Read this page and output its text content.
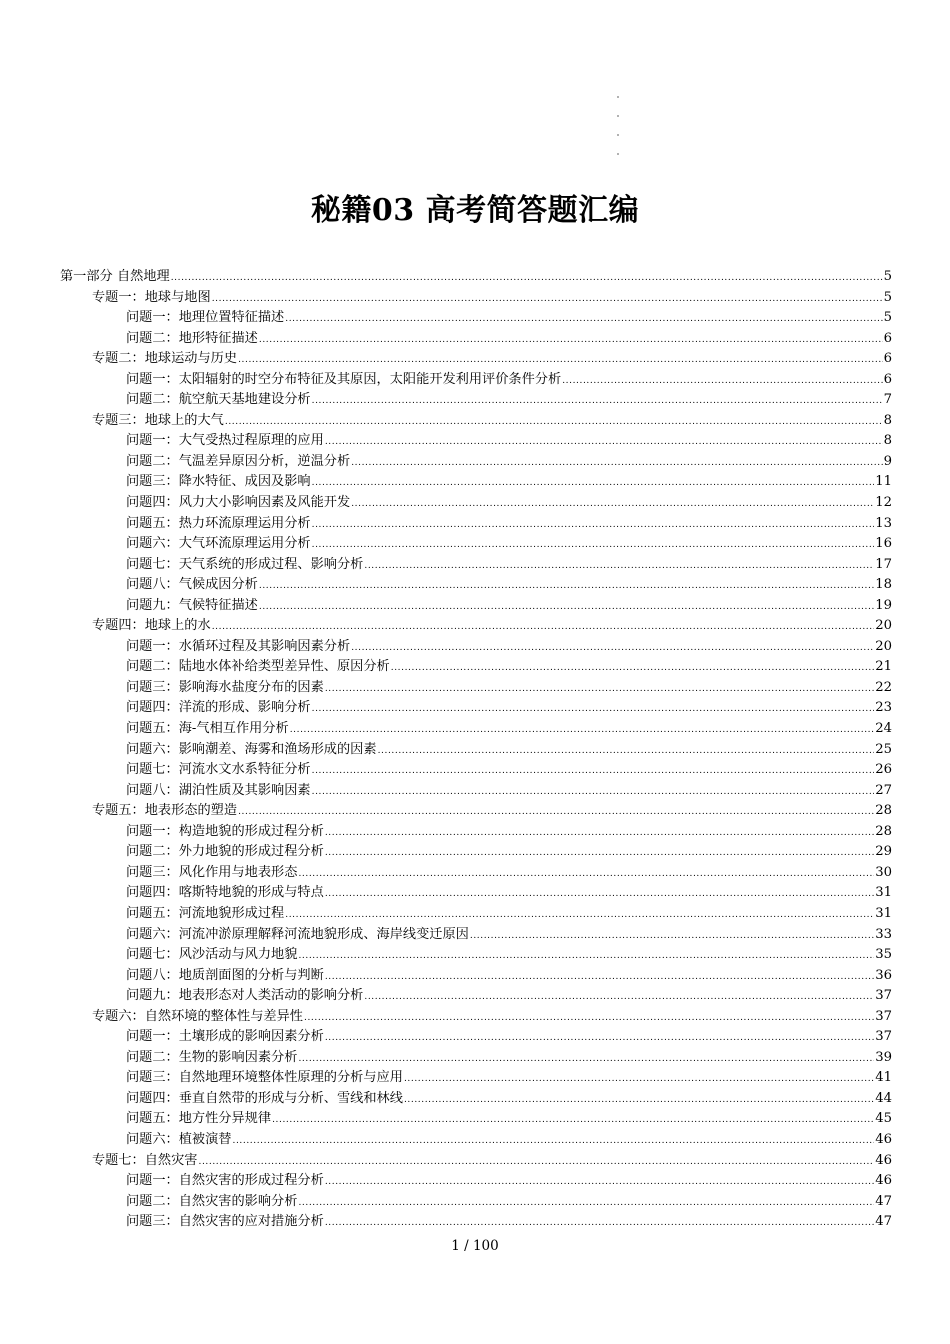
秘籍03 高考简答题汇编
第一部分 自然地理 .....	5
专题一：地球与地图 .....	5
问题一：地理位置特征描述 .....	5
问题二：地形特征描述 .....	6
专题二：地球运动与历史 .....	6
问题一：太阳辐射的时空分布特征及其原因，太阳能开发利用评价条件分析 .....	6
问题二：航空航天基地建设分析 .....	7
专题三：地球上的大气 .....	8
问题一：大气受热过程原理的应用 .....	8
问题二：气温差异原因分析，逆温分析 .....	9
问题三：降水特征、成因及影响 .....	11
问题四：风力大小影响因素及风能开发 .....	12
问题五：热力环流原理运用分析 .....	13
问题六：大气环流原理运用分析 .....	16
问题七：天气系统的形成过程、影响分析 .....	17
问题八：气候成因分析 .....	18
问题九：气候特征描述 .....	19
专题四：地球上的水 .....	20
问题一：水循环过程及其影响因素分析 .....	20
问题二：陆地水体补给类型差异性、原因分析 .....	21
问题三：影响海水盐度分布的因素 .....	22
问题四：洋流的形成、影响分析 .....	23
问题五：海-气相互作用分析 .....	24
问题六：影响潮差、海雾和渔场形成的因素 .....	25
问题七：河流水文水系特征分析 .....	26
问题八：湖泊性质及其影响因素 .....	27
专题五：地表形态的塑造 .....	28
问题一：构造地貌的形成过程分析 .....	28
问题二：外力地貌的形成过程分析 .....	29
问题三：风化作用与地表形态 .....	30
问题四：喀斯特地貌的形成与特点 .....	31
问题五：河流地貌形成过程 .....	31
问题六：河流冲淤原理解释河流地貌形成、海岸线变迁原因 .....	33
问题七：风沙活动与风力地貌 .....	35
问题八：地质剖面图的分析与判断 .....	36
问题九：地表形态对人类活动的影响分析 .....	37
专题六：自然环境的整体性与差异性 .....	37
问题一：土壤形成的影响因素分析 .....	37
问题二：生物的影响因素分析 .....	39
问题三：自然地理环境整体性原理的分析与应用 .....	41
问题四：垂直自然带的形成与分析、雪线和林线 .....	44
问题五：地方性分异规律 .....	45
问题六：植被演替 .....	46
专题七：自然灾害 .....	46
问题一：自然灾害的形成过程分析 .....	46
问题二：自然灾害的影响分析 .....	47
问题三：自然灾害的应对措施分析 .....	47
1 / 100
